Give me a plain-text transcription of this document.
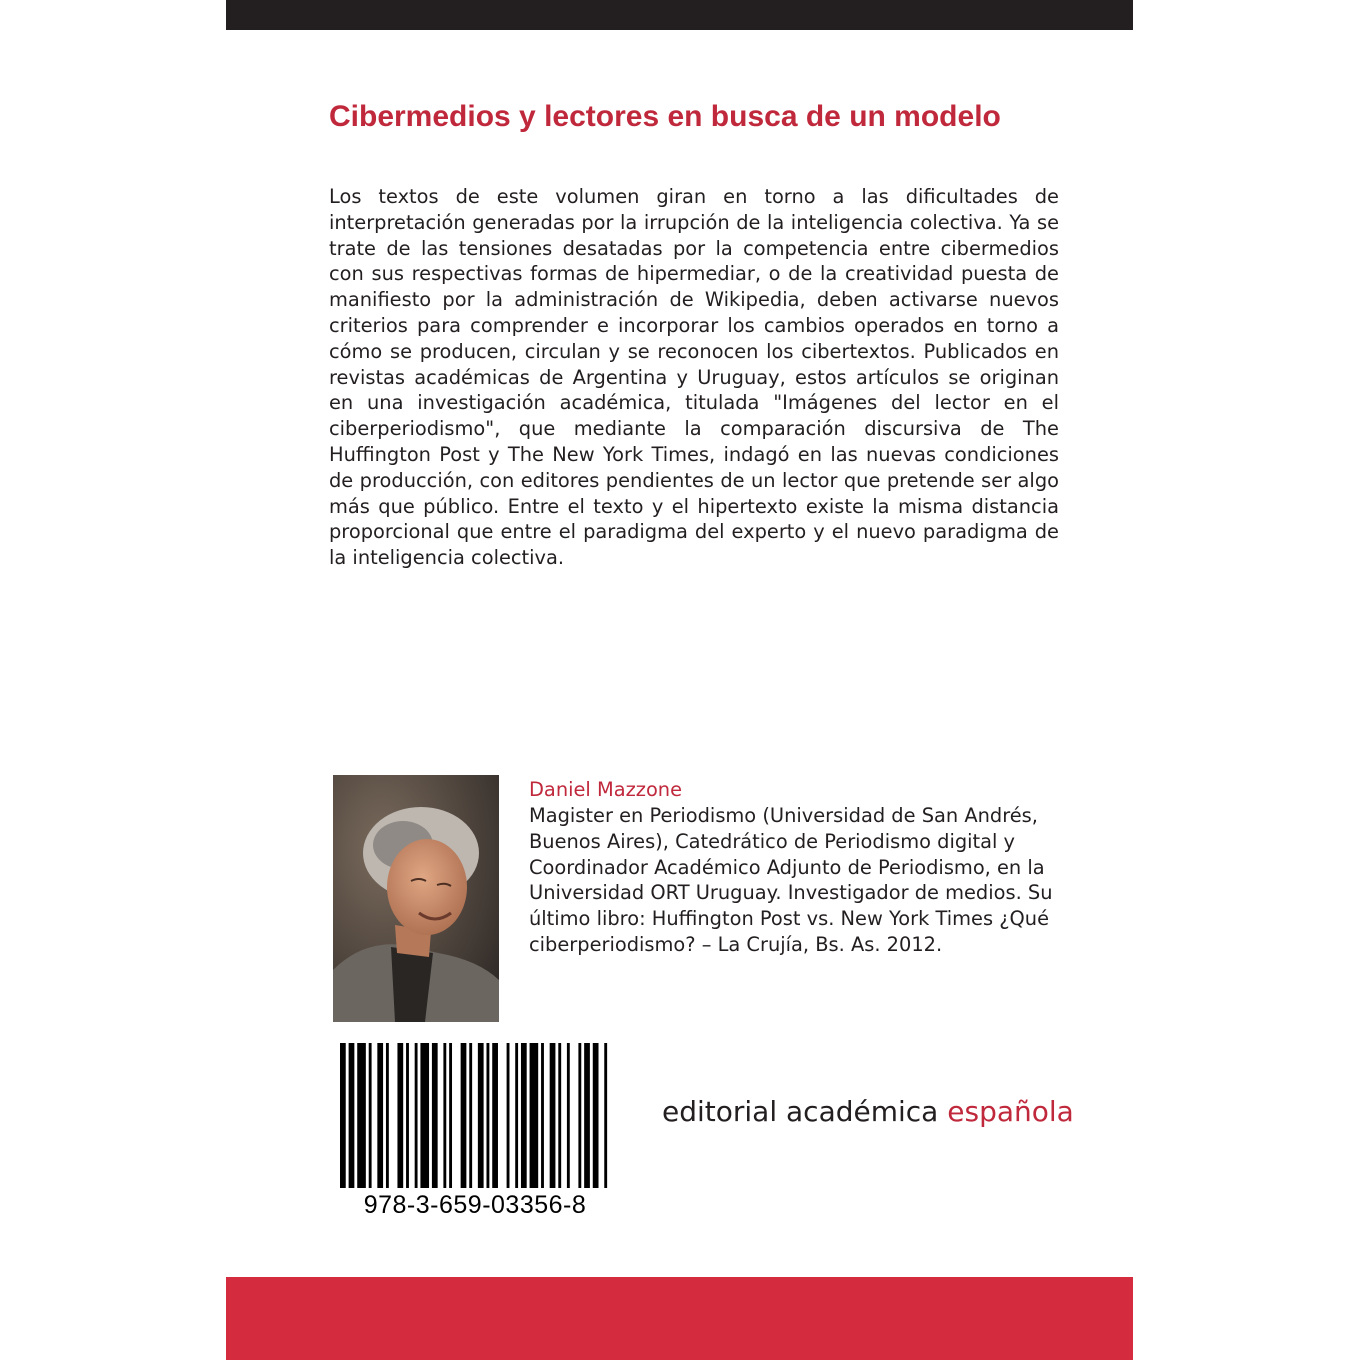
Cibermedios y lectores en busca de un modelo

Los textos de este volumen giran en torno a las dificultades de interpretación generadas por la irrupción de la inteligencia colectiva. Ya se trate de las tensiones desatadas por la competencia entre cibermedios con sus respectivas formas de hipermediar, o de la creatividad puesta de manifiesto por la administración de Wikipedia, deben activarse nuevos criterios para comprender e incorporar los cambios operados en torno a cómo se producen, circulan y se reconocen los cibertextos. Publicados en revistas académicas de Argentina y Uruguay, estos artículos se originan en una investigación académica, titulada "Imágenes del lector en el ciberperiodismo", que mediante la comparación discursiva de The Huffington Post y The New York Times, indagó en las nuevas condiciones de producción, con editores pendientes de un lector que pretende ser algo más que público. Entre el texto y el hipertexto existe la misma distancia proporcional que entre el paradigma del experto y el nuevo paradigma de la inteligencia colectiva.

Daniel Mazzone

Magister en Periodismo (Universidad de San Andrés, Buenos Aires), Catedrático de Periodismo digital y Coordinador Académico Adjunto de Periodismo, en la Universidad ORT Uruguay. Investigador de medios. Su último libro: Huffington Post vs. New York Times ¿Qué ciberperiodismo? – La Crujía, Bs. As. 2012.

978-3-659-03356-8

editorial académica española
